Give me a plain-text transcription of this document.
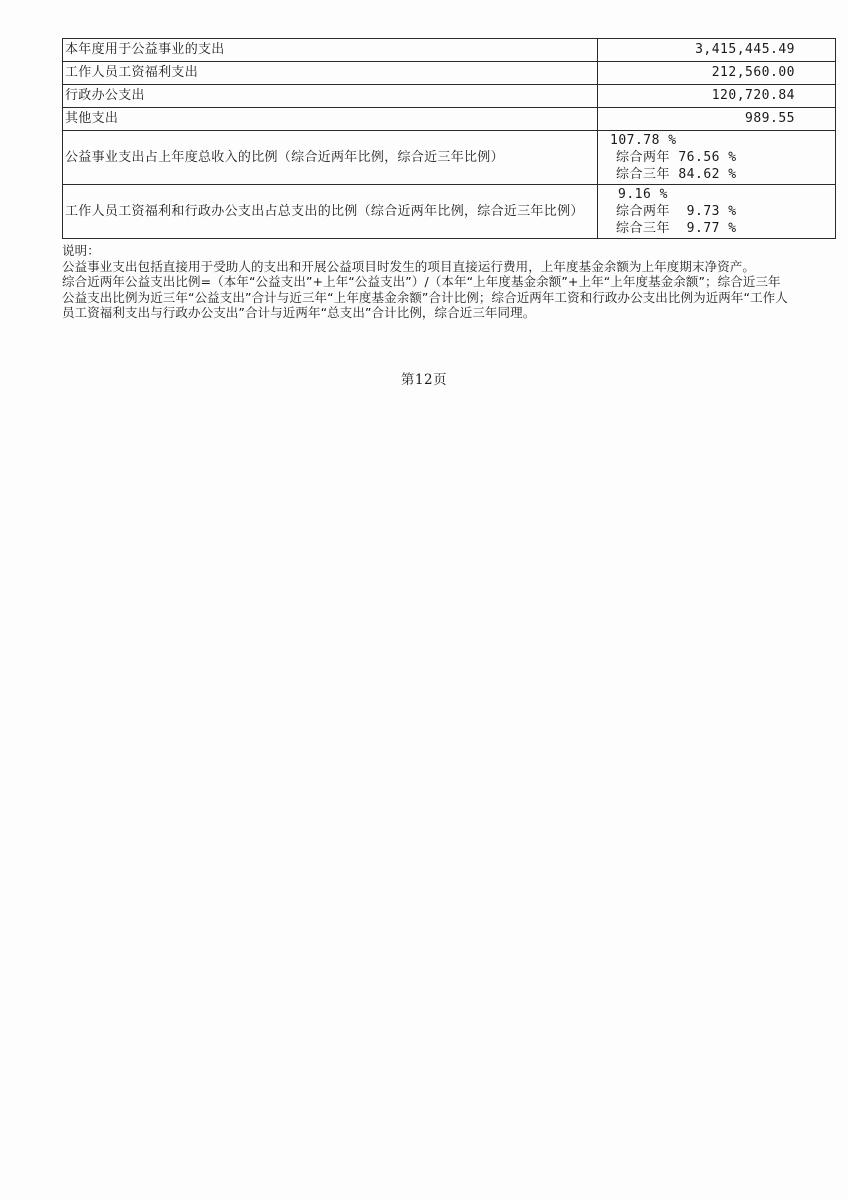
本年度用于公益事业的支出	3,415,445.49
工作人员工资福利支出	212,560.00
行政办公支出	120,720.84
其他支出	989.55
公益事业支出占上年度总收入的比例（综合近两年比例，综合近三年比例）	107.78 %
综合两年 76.56 %
综合三年 84.62 %

工作人员工资福利和行政办公支出占总支出的比例（综合近两年比例，综合近三年比例）	9.16 %
综合两年  9.73 %
综合三年  9.77 %

说明：

公益事业支出包括直接用于受助人的支出和开展公益项目时发生的项目直接运行费用，上年度基金余额为上年度期末净资产。

综合近两年公益支出比例=（本年“公益支出”+上年“公益支出”）/（本年“上年度基金余额”+上年“上年度基金余额”；综合近三年公益支出比例为近三年“公益支出”合计与近三年“上年度基金余额”合计比例；综合近两年工资和行政办公支出比例为近两年“工作人员工资福利支出与行政办公支出”合计与近两年“总支出”合计比例，综合近三年同理。

第12页
